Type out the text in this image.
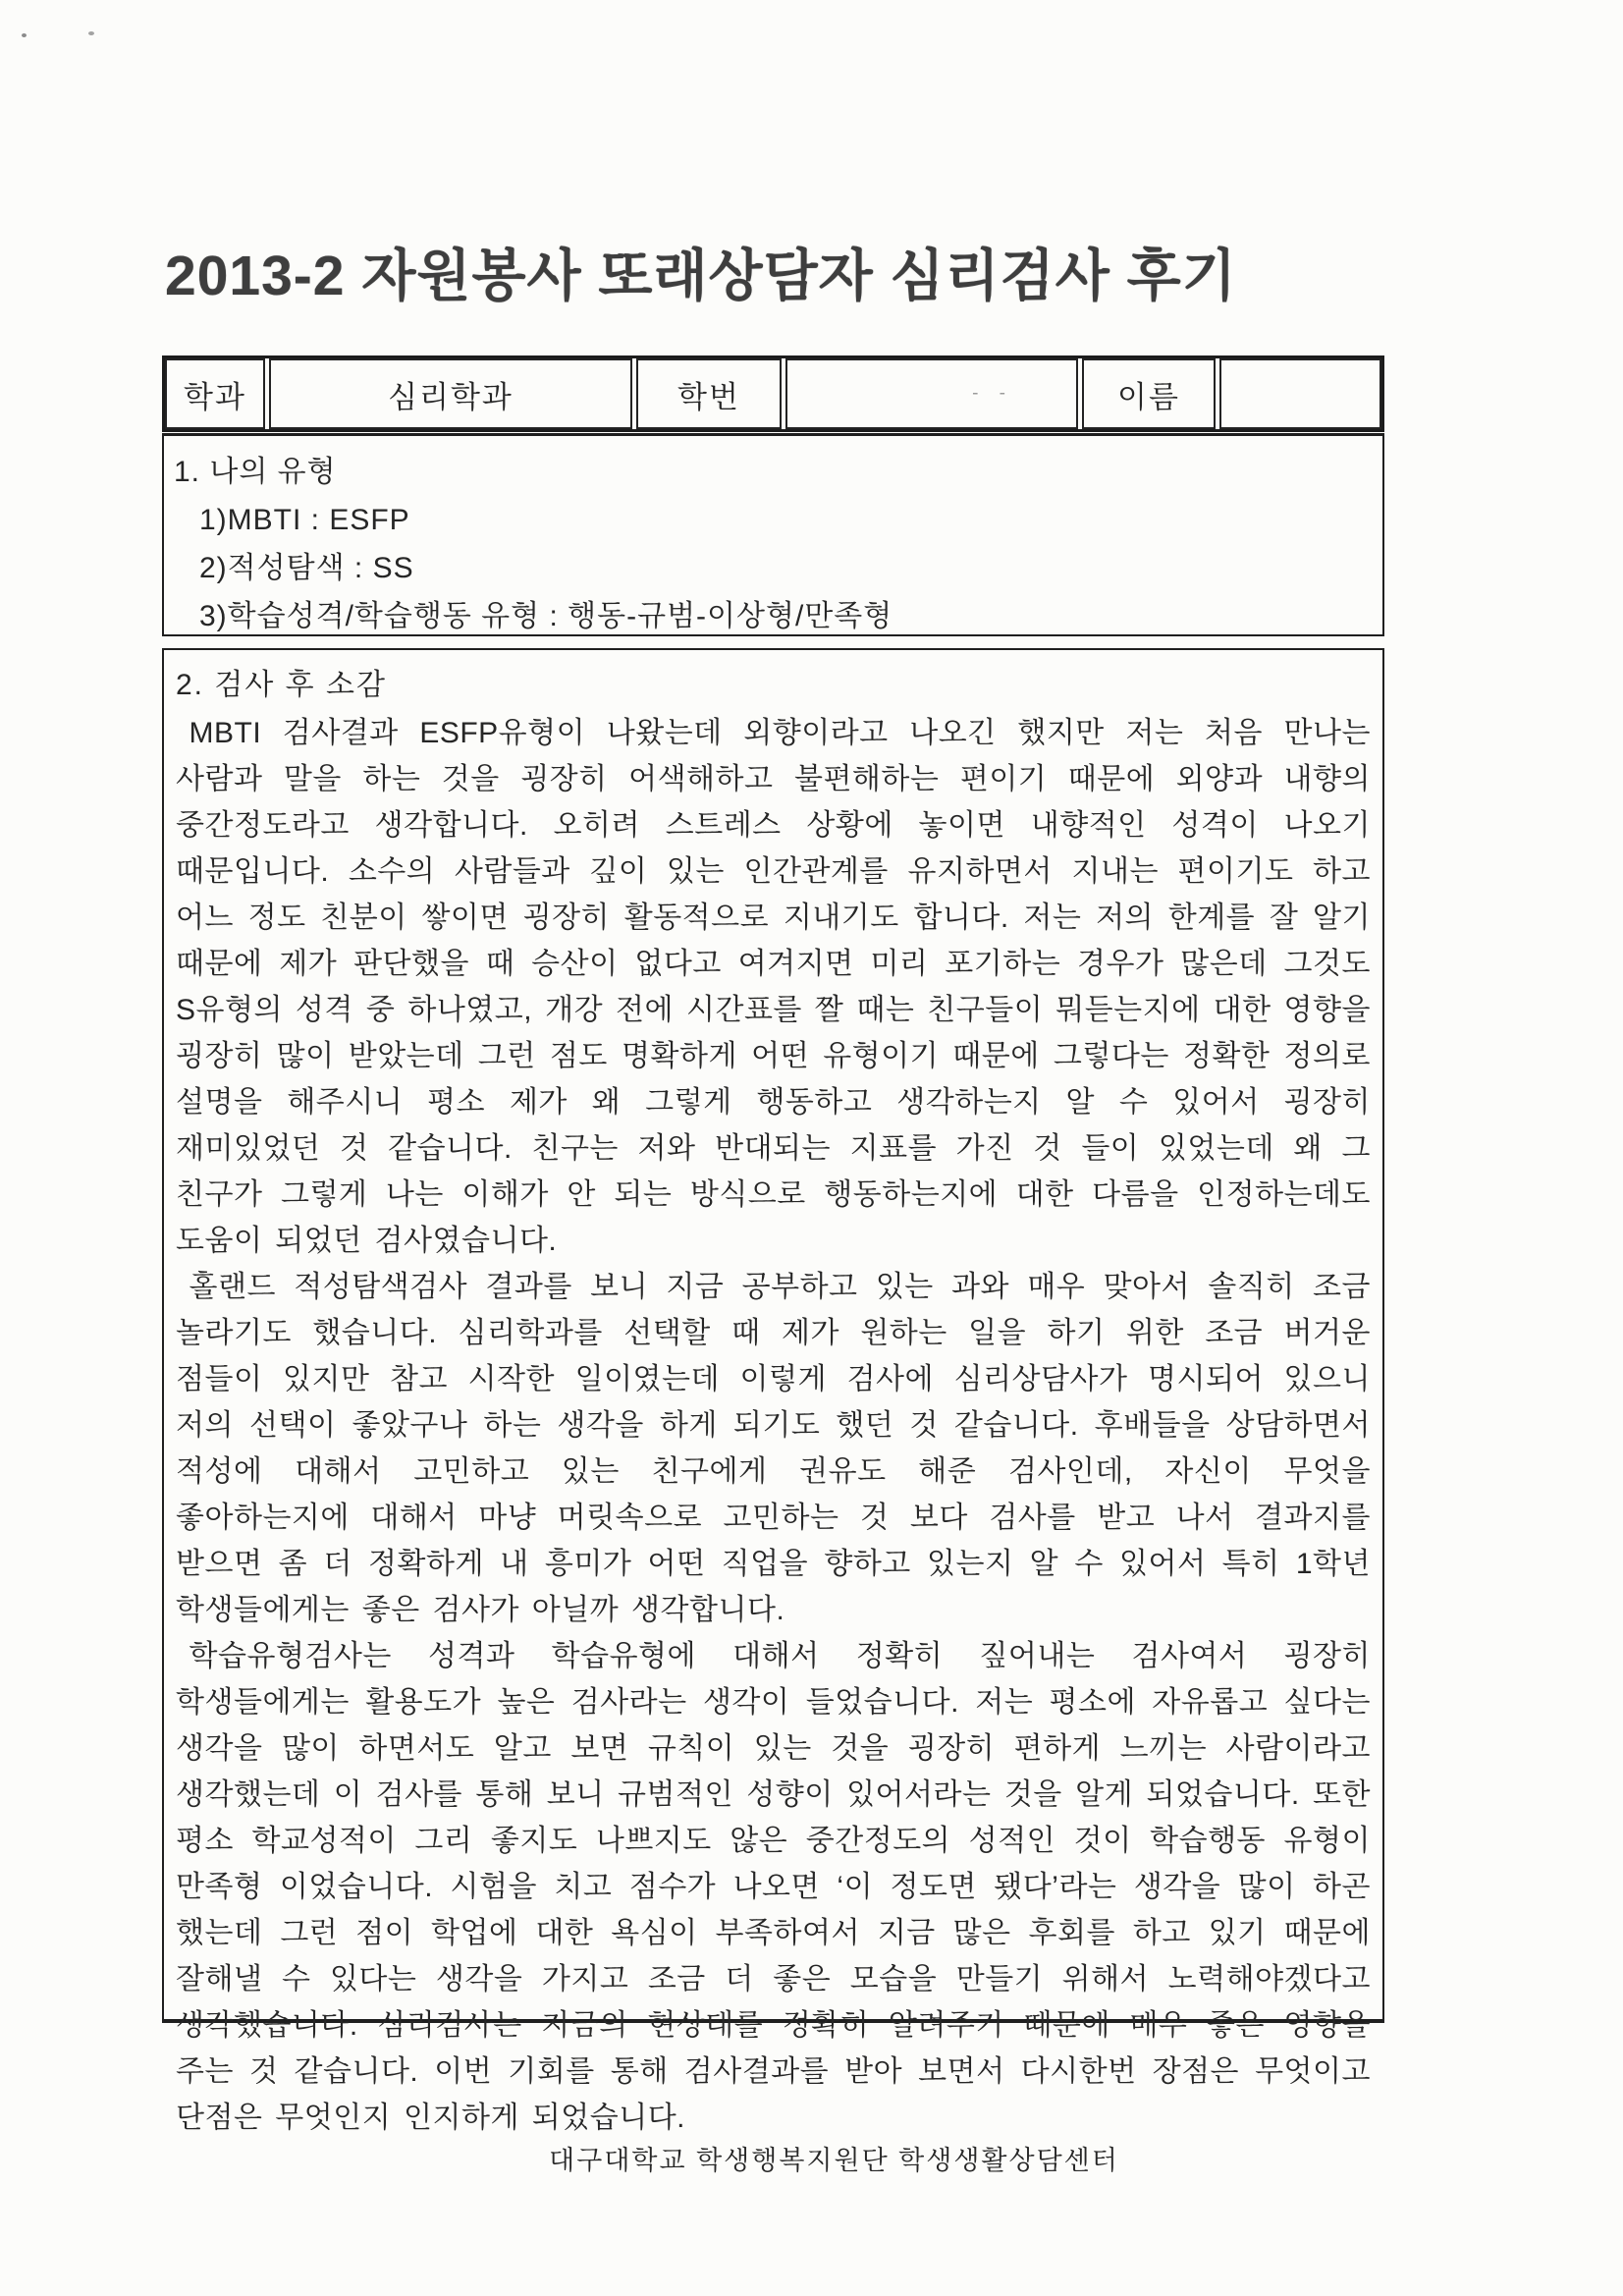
2013-2 자원봉사 또래상담자 심리검사 후기
학과	심리학과	학번	- -	이름
1. 나의 유형
1)MBTI : ESFP
2)적성탐색 : SS
3)학습성격/학습행동 유형 : 행동-규범-이상형/만족형
2. 검사 후 소감

MBTI 검사결과 ESFP유형이 나왔는데 외향이라고 나오긴 했지만 저는 처음 만나는 사람과 말을 하는 것을 굉장히 어색해하고 불편해하는 편이기 때문에 외양과 내향의 중간정도라고 생각합니다. 오히려 스트레스 상황에 놓이면 내향적인 성격이 나오기 때문입니다. 소수의 사람들과 깊이 있는 인간관계를 유지하면서 지내는 편이기도 하고 어느 정도 친분이 쌓이면 굉장히 활동적으로 지내기도 합니다. 저는 저의 한계를 잘 알기 때문에 제가 판단했을 때 승산이 없다고 여겨지면 미리 포기하는 경우가 많은데 그것도 S유형의 성격 중 하나였고, 개강 전에 시간표를 짤 때는 친구들이 뭐듣는지에 대한 영향을 굉장히 많이 받았는데 그런 점도 명확하게 어떤 유형이기 때문에 그렇다는 정확한 정의로 설명을 해주시니 평소 제가 왜 그렇게 행동하고 생각하는지 알 수 있어서 굉장히 재미있었던 것 같습니다. 친구는 저와 반대되는 지표를 가진 것 들이 있었는데 왜 그 친구가 그렇게 나는 이해가 안 되는 방식으로 행동하는지에 대한 다름을 인정하는데도 도움이 되었던 검사였습니다.

홀랜드 적성탐색검사 결과를 보니 지금 공부하고 있는 과와 매우 맞아서 솔직히 조금 놀라기도 했습니다. 심리학과를 선택할 때 제가 원하는 일을 하기 위한 조금 버거운 점들이 있지만 참고 시작한 일이였는데 이렇게 검사에 심리상담사가 명시되어 있으니 저의 선택이 좋았구나 하는 생각을 하게 되기도 했던 것 같습니다. 후배들을 상담하면서 적성에 대해서 고민하고 있는 친구에게 권유도 해준 검사인데, 자신이 무엇을 좋아하는지에 대해서 마냥 머릿속으로 고민하는 것 보다 검사를 받고 나서 결과지를 받으면 좀 더 정확하게 내 흥미가 어떤 직업을 향하고 있는지 알 수 있어서 특히 1학년 학생들에게는 좋은 검사가 아닐까 생각합니다.

학습유형검사는 성격과 학습유형에 대해서 정확히 짚어내는 검사여서 굉장히 학생들에게는 활용도가 높은 검사라는 생각이 들었습니다. 저는 평소에 자유롭고 싶다는 생각을 많이 하면서도 알고 보면 규칙이 있는 것을 굉장히 편하게 느끼는 사람이라고 생각했는데 이 검사를 통해 보니 규범적인 성향이 있어서라는 것을 알게 되었습니다. 또한 평소 학교성적이 그리 좋지도 나쁘지도 않은 중간정도의 성적인 것이 학습행동 유형이 만족형 이었습니다. 시험을 치고 점수가 나오면 ‘이 정도면 됐다’라는 생각을 많이 하곤 했는데 그런 점이 학업에 대한 욕심이 부족하여서 지금 많은 후회를 하고 있기 때문에 잘해낼 수 있다는 생각을 가지고 조금 더 좋은 모습을 만들기 위해서 노력해야겠다고 생각했습니다. 심리검사는 지금의 현상태를 정확히 알려주기 때문에 매우 좋은 영향을 주는 것 같습니다. 이번 기회를 통해 검사결과를 받아 보면서 다시한번 장점은 무엇이고 단점은 무엇인지 인지하게 되었습니다.

대구대학교 학생행복지원단 학생생활상담센터
